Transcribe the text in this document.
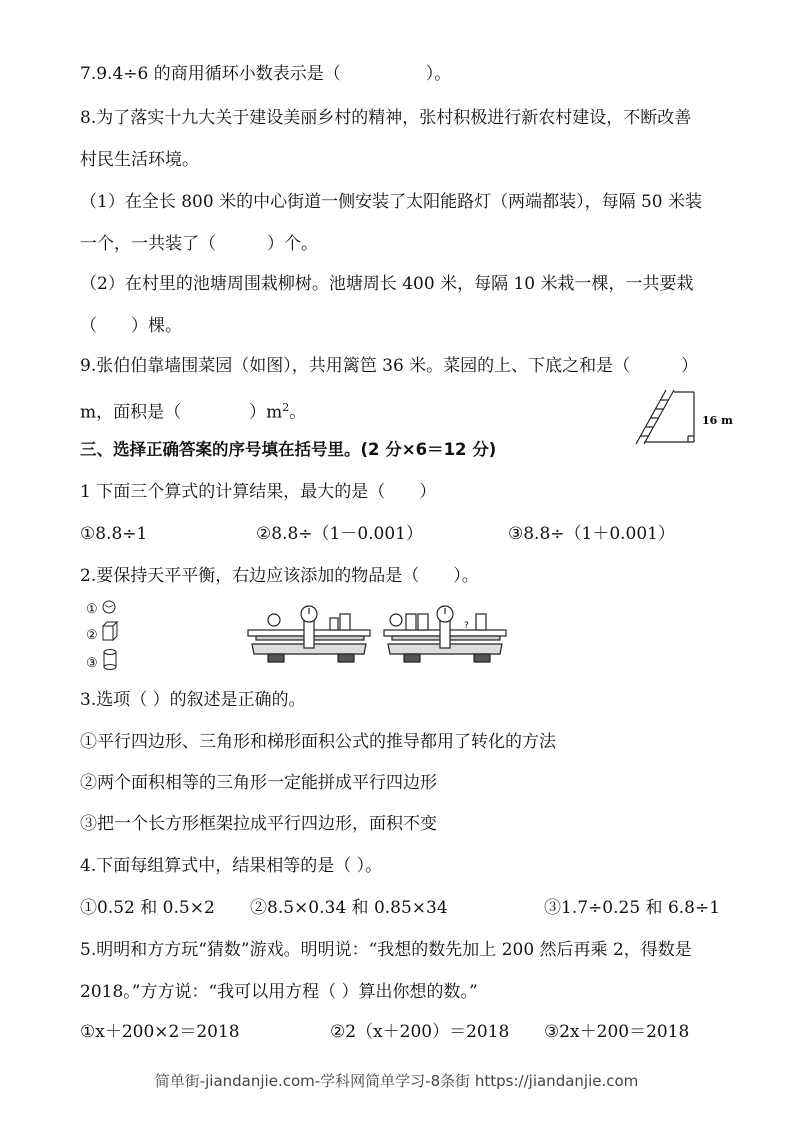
7.9.4÷6 的商用循环小数表示是（　　　　　）。
8.为了落实十九大关于建设美丽乡村的精神，张村积极进行新农村建设，不断改善
村民生活环境。
（1）在全长 800 米的中心街道一侧安装了太阳能路灯（两端都装），每隔 50 米装
一个，一共装了（　　　）个。
（2）在村里的池塘周围栽柳树。池塘周长 400 米，每隔 10 米栽一棵，一共要栽
（　　）棵。
9.张伯伯靠墙围菜园（如图），共用篱笆 36 米。菜园的上、下底之和是（　　　）
m，面积是（　　　　）$m^2$。	16 m
三、选择正确答案的序号填在括号里。(2 分×6＝12 分)
1 下面三个算式的计算结果，最大的是（　　）
①8.8÷1	②8.8÷（1－0.001）	③8.8÷（1＋0.001）
2.要保持天平平衡，右边应该添加的物品是（　　）。
①
②
③
?
3.选项（ ）的叙述是正确的。
①平行四边形、三角形和梯形面积公式的推导都用了转化的方法
②两个面积相等的三角形一定能拼成平行四边形
③把一个长方形框架拉成平行四边形，面积不变
4.下面每组算式中，结果相等的是（ ）。
①0.52 和 0.5×2 ②8.5×0.34 和 0.85×34	③1.7÷0.25 和 6.8÷1
5.明明和方方玩“猜数”游戏。明明说：“我想的数先加上 200 然后再乘 2，得数是
2018。”方方说：“我可以用方程（ ）算出你想的数。”
①x＋200×2＝2018	②2（x＋200）＝2018 ③2x＋200＝2018
简单街-jiandanjie.com-学科网简单学习-8条街 https://jiandanjie.com
